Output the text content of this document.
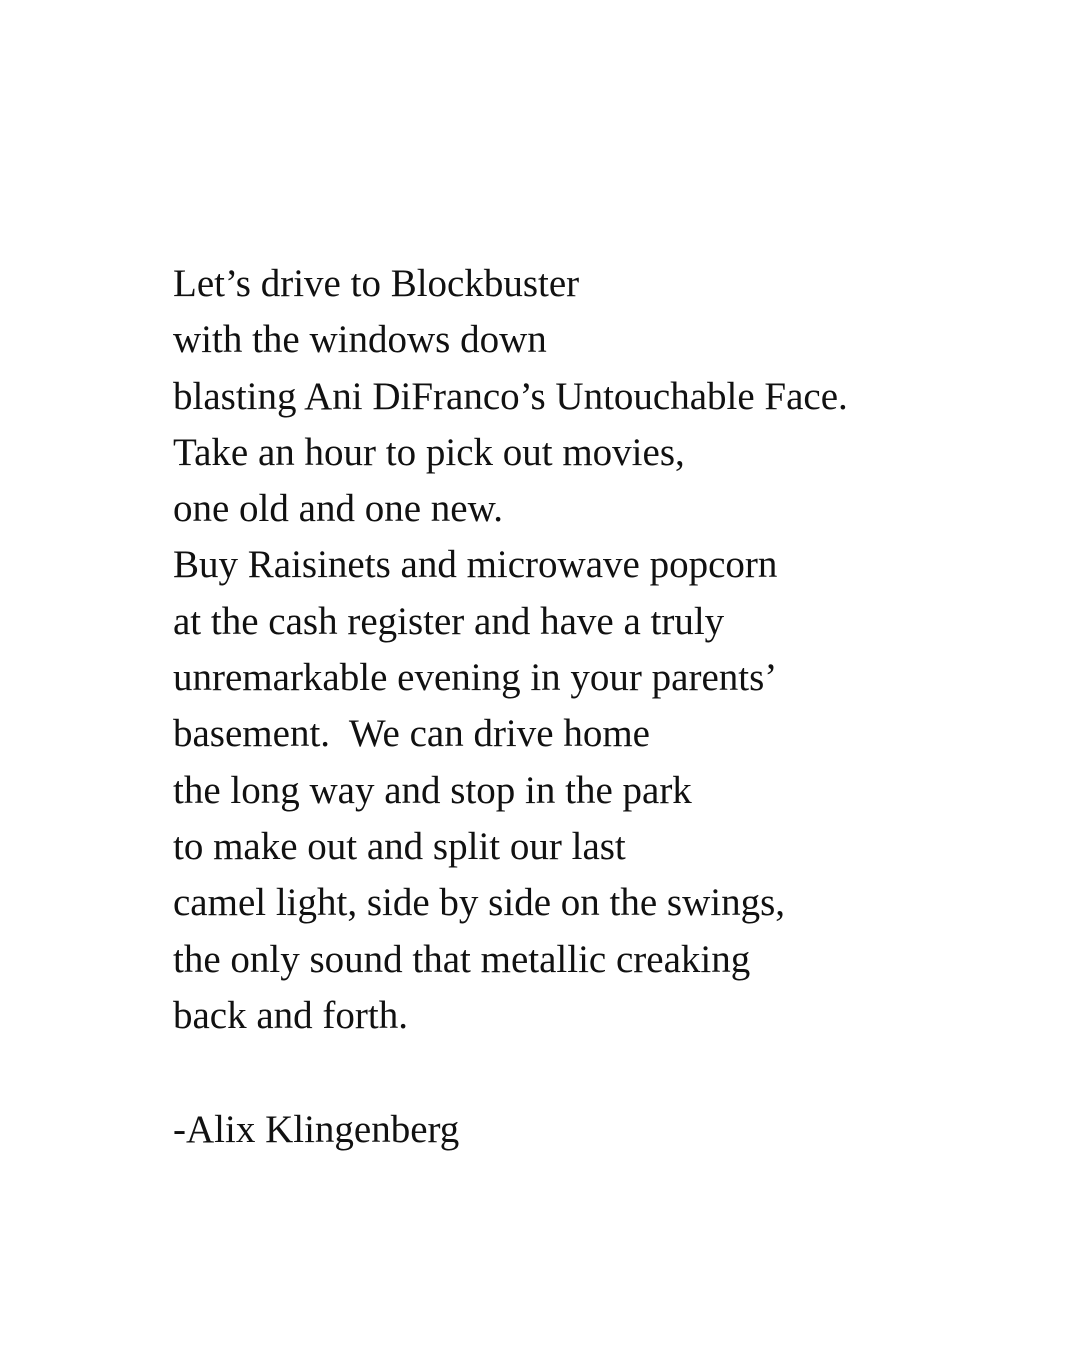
Let’s drive to Blockbuster
with the windows down
blasting Ani DiFranco’s Untouchable Face.
Take an hour to pick out movies,
one old and one new.
Buy Raisinets and microwave popcorn
at the cash register and have a truly
unremarkable evening in your parents’
basement.  We can drive home
the long way and stop in the park
to make out and split our last
camel light, side by side on the swings,
the only sound that metallic creaking
back and forth.
-Alix Klingenberg
